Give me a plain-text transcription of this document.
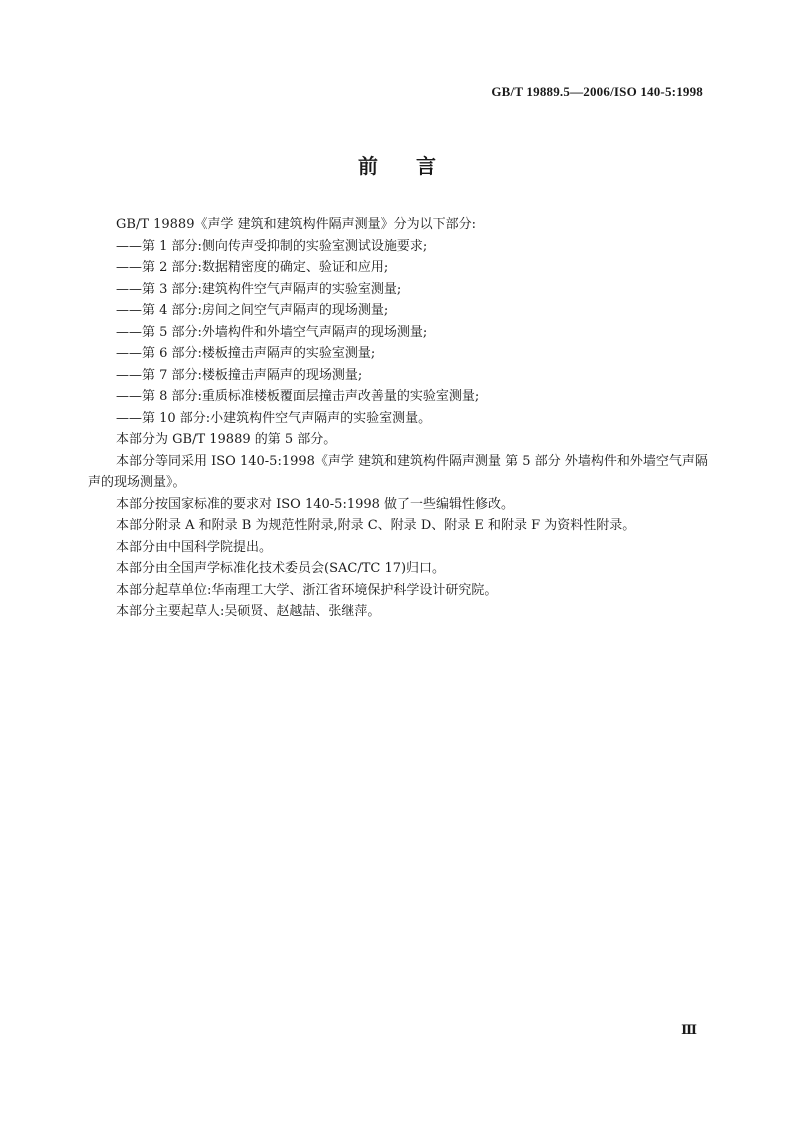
GB/T 19889.5—2006/ISO 140-5:1998
前言

GB/T 19889《声学 建筑和建筑构件隔声测量》分为以下部分:

——第 1 部分:侧向传声受抑制的实验室测试设施要求;

——第 2 部分:数据精密度的确定、验证和应用;

——第 3 部分:建筑构件空气声隔声的实验室测量;

——第 4 部分:房间之间空气声隔声的现场测量;

——第 5 部分:外墙构件和外墙空气声隔声的现场测量;

——第 6 部分:楼板撞击声隔声的实验室测量;

——第 7 部分:楼板撞击声隔声的现场测量;

——第 8 部分:重质标准楼板覆面层撞击声改善量的实验室测量;

——第 10 部分:小建筑构件空气声隔声的实验室测量。

本部分为 GB/T 19889 的第 5 部分。

本部分等同采用 ISO 140-5:1998《声学 建筑和建筑构件隔声测量 第 5 部分 外墙构件和外墙空气声隔声的现场测量》。

本部分按国家标准的要求对 ISO 140-5:1998 做了一些编辑性修改。

本部分附录 A 和附录 B 为规范性附录,附录 C、附录 D、附录 E 和附录 F 为资料性附录。

本部分由中国科学院提出。

本部分由全国声学标准化技术委员会(SAC/TC 17)归口。

本部分起草单位:华南理工大学、浙江省环境保护科学设计研究院。

本部分主要起草人:吴硕贤、赵越喆、张继萍。

Ⅲ
